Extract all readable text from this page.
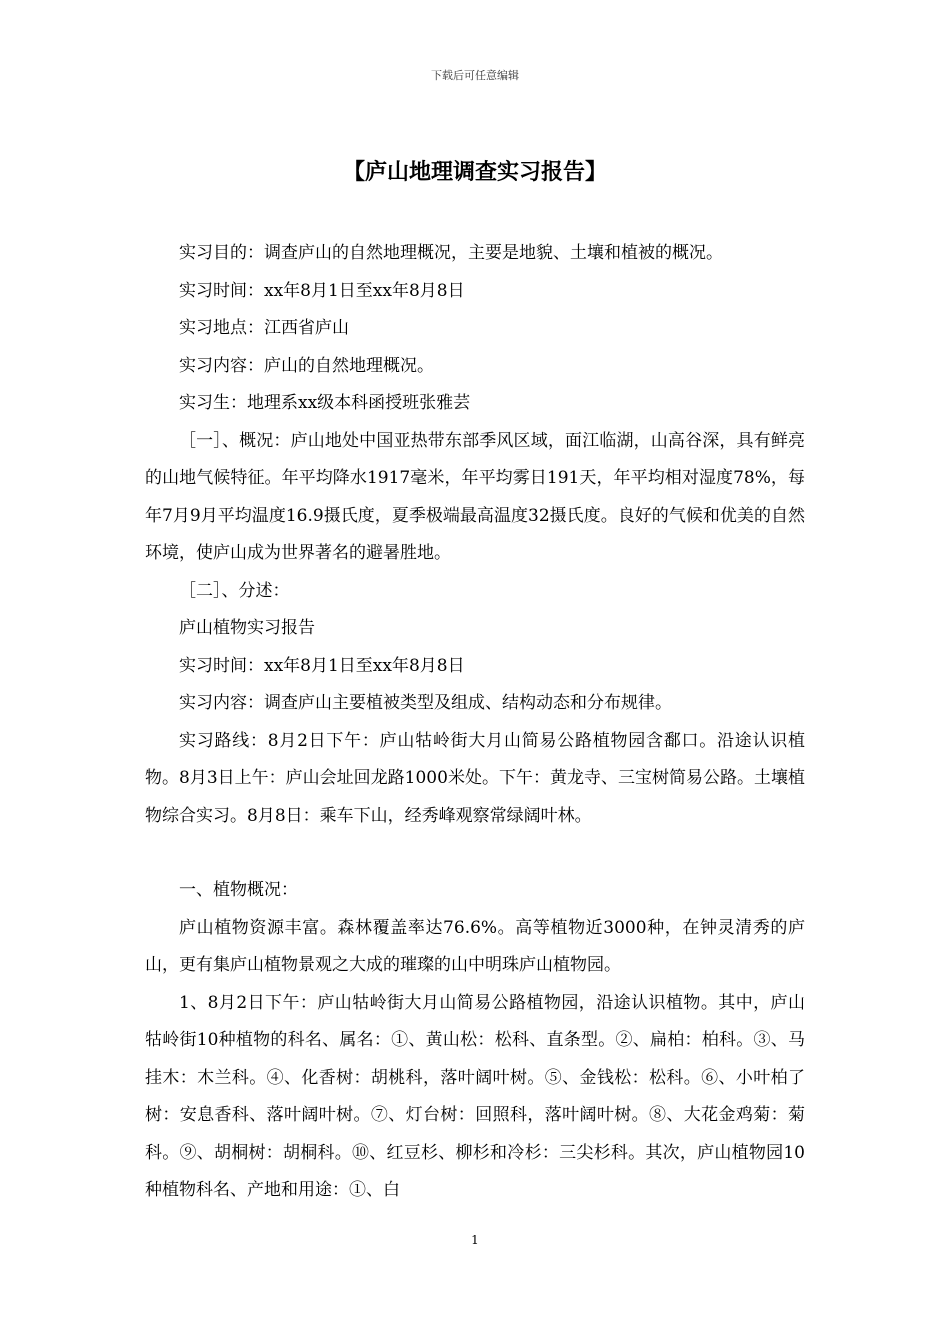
下载后可任意编辑
【庐山地理调查实习报告】

实习目的：调查庐山的自然地理概况，主要是地貌、土壤和植被的概况。

实习时间：xx年8月1日至xx年8月8日

实习地点：江西省庐山

实习内容：庐山的自然地理概况。

实习生：地理系xx级本科函授班张雅芸

［一］、概况：庐山地处中国亚热带东部季风区域，面江临湖，山高谷深，具有鲜亮的山地气候特征。年平均降水1917毫米，年平均雾日191天，年平均相对湿度78%，每年7月9月平均温度16.9摄氏度，夏季极端最高温度32摄氏度。良好的气候和优美的自然环境，使庐山成为世界著名的避暑胜地。

［二］、分述：

庐山植物实习报告

实习时间：xx年8月1日至xx年8月8日

实习内容：调查庐山主要植被类型及组成、结构动态和分布规律。

实习路线：8月2日下午：庐山牯岭街大月山简易公路植物园含鄱口。沿途认识植物。8月3日上午：庐山会址回龙路1000米处。下午：黄龙寺、三宝树简易公路。土壤植物综合实习。8月8日：乘车下山，经秀峰观察常绿阔叶林。

一、植物概况：

庐山植物资源丰富。森林覆盖率达76.6%。高等植物近3000种，在钟灵清秀的庐山，更有集庐山植物景观之大成的璀璨的山中明珠庐山植物园。

1、8月2日下午：庐山牯岭街大月山简易公路植物园，沿途认识植物。其中，庐山牯岭街10种植物的科名、属名：①、黄山松：松科、直条型。②、扁柏：柏科。③、马挂木：木兰科。④、化香树：胡桃科，落叶阔叶树。⑤、金钱松：松科。⑥、小叶柏了树：安息香科、落叶阔叶树。⑦、灯台树：回照科，落叶阔叶树。⑧、大花金鸡菊：菊科。⑨、胡桐树：胡桐科。⑩、红豆杉、柳杉和冷杉：三尖杉科。其次，庐山植物园10种植物科名、产地和用途：①、白

1
